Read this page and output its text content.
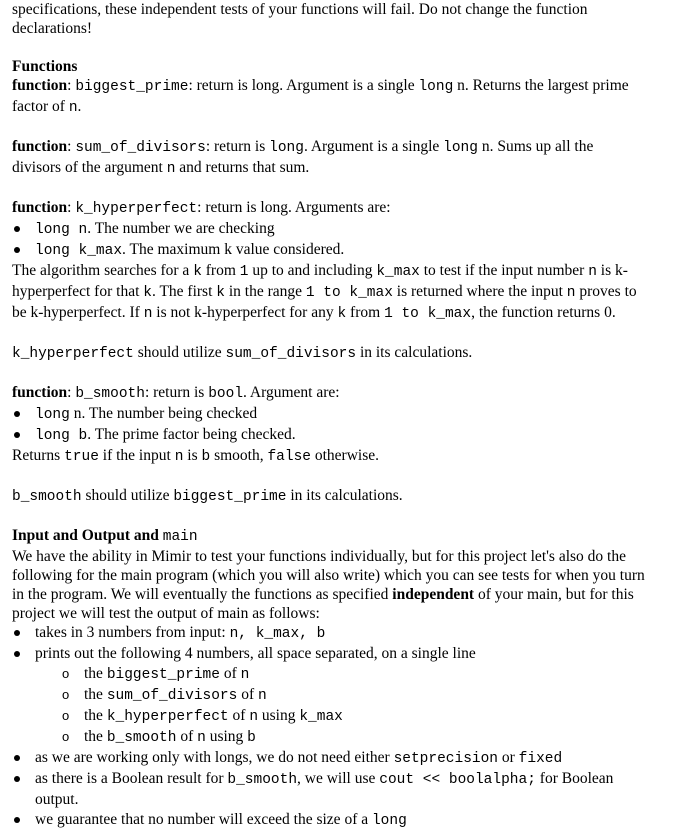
specifications, these independent tests of your functions will fail. Do not change the function

declarations!

Functions

function: biggest_prime: return is long. Argument is a single long n. Returns the largest prime

factor of n.

function: sum_of_divisors: return is long. Argument is a single long n. Sums up all the

divisors of the argument n and returns that sum.

function: k_hyperperfect: return is long. Arguments are:

long n. The number we are checking
long k_max. The maximum k value considered.

The algorithm searches for a k from 1 up to and including k_max to test if the input number n is k-

hyperperfect for that k. The first k in the range 1 to k_max is returned where the input n proves to

be k-hyperperfect. If n is not k-hyperperfect for any k from 1 to k_max, the function returns 0.

k_hyperperfect should utilize sum_of_divisors in its calculations.

function: b_smooth: return is bool. Argument are:

long n. The number being checked
long b. The prime factor being checked.

Returns true if the input n is b smooth, false otherwise.

b_smooth should utilize biggest_prime in its calculations.

Input and Output and main

We have the ability in Mimir to test your functions individually, but for this project let's also do the

following for the main program (which you will also write) which you can see tests for when you turn

in the program. We will eventually the functions as specified independent of your main, but for this

project we will test the output of main as follows:

takes in 3 numbers from input: n, k_max, b
prints out the following 4 numbers, all space separated, on a single line
o the biggest_prime of n
o the sum_of_divisors of n
o the k_hyperperfect of n using k_max
o the b_smooth of n using b
as we are working only with longs, we do not need either setprecision or fixed
as there is a Boolean result for b_smooth, we will use cout << boolalpha; for Boolean
output.
we guarantee that no number will exceed the size of a long
